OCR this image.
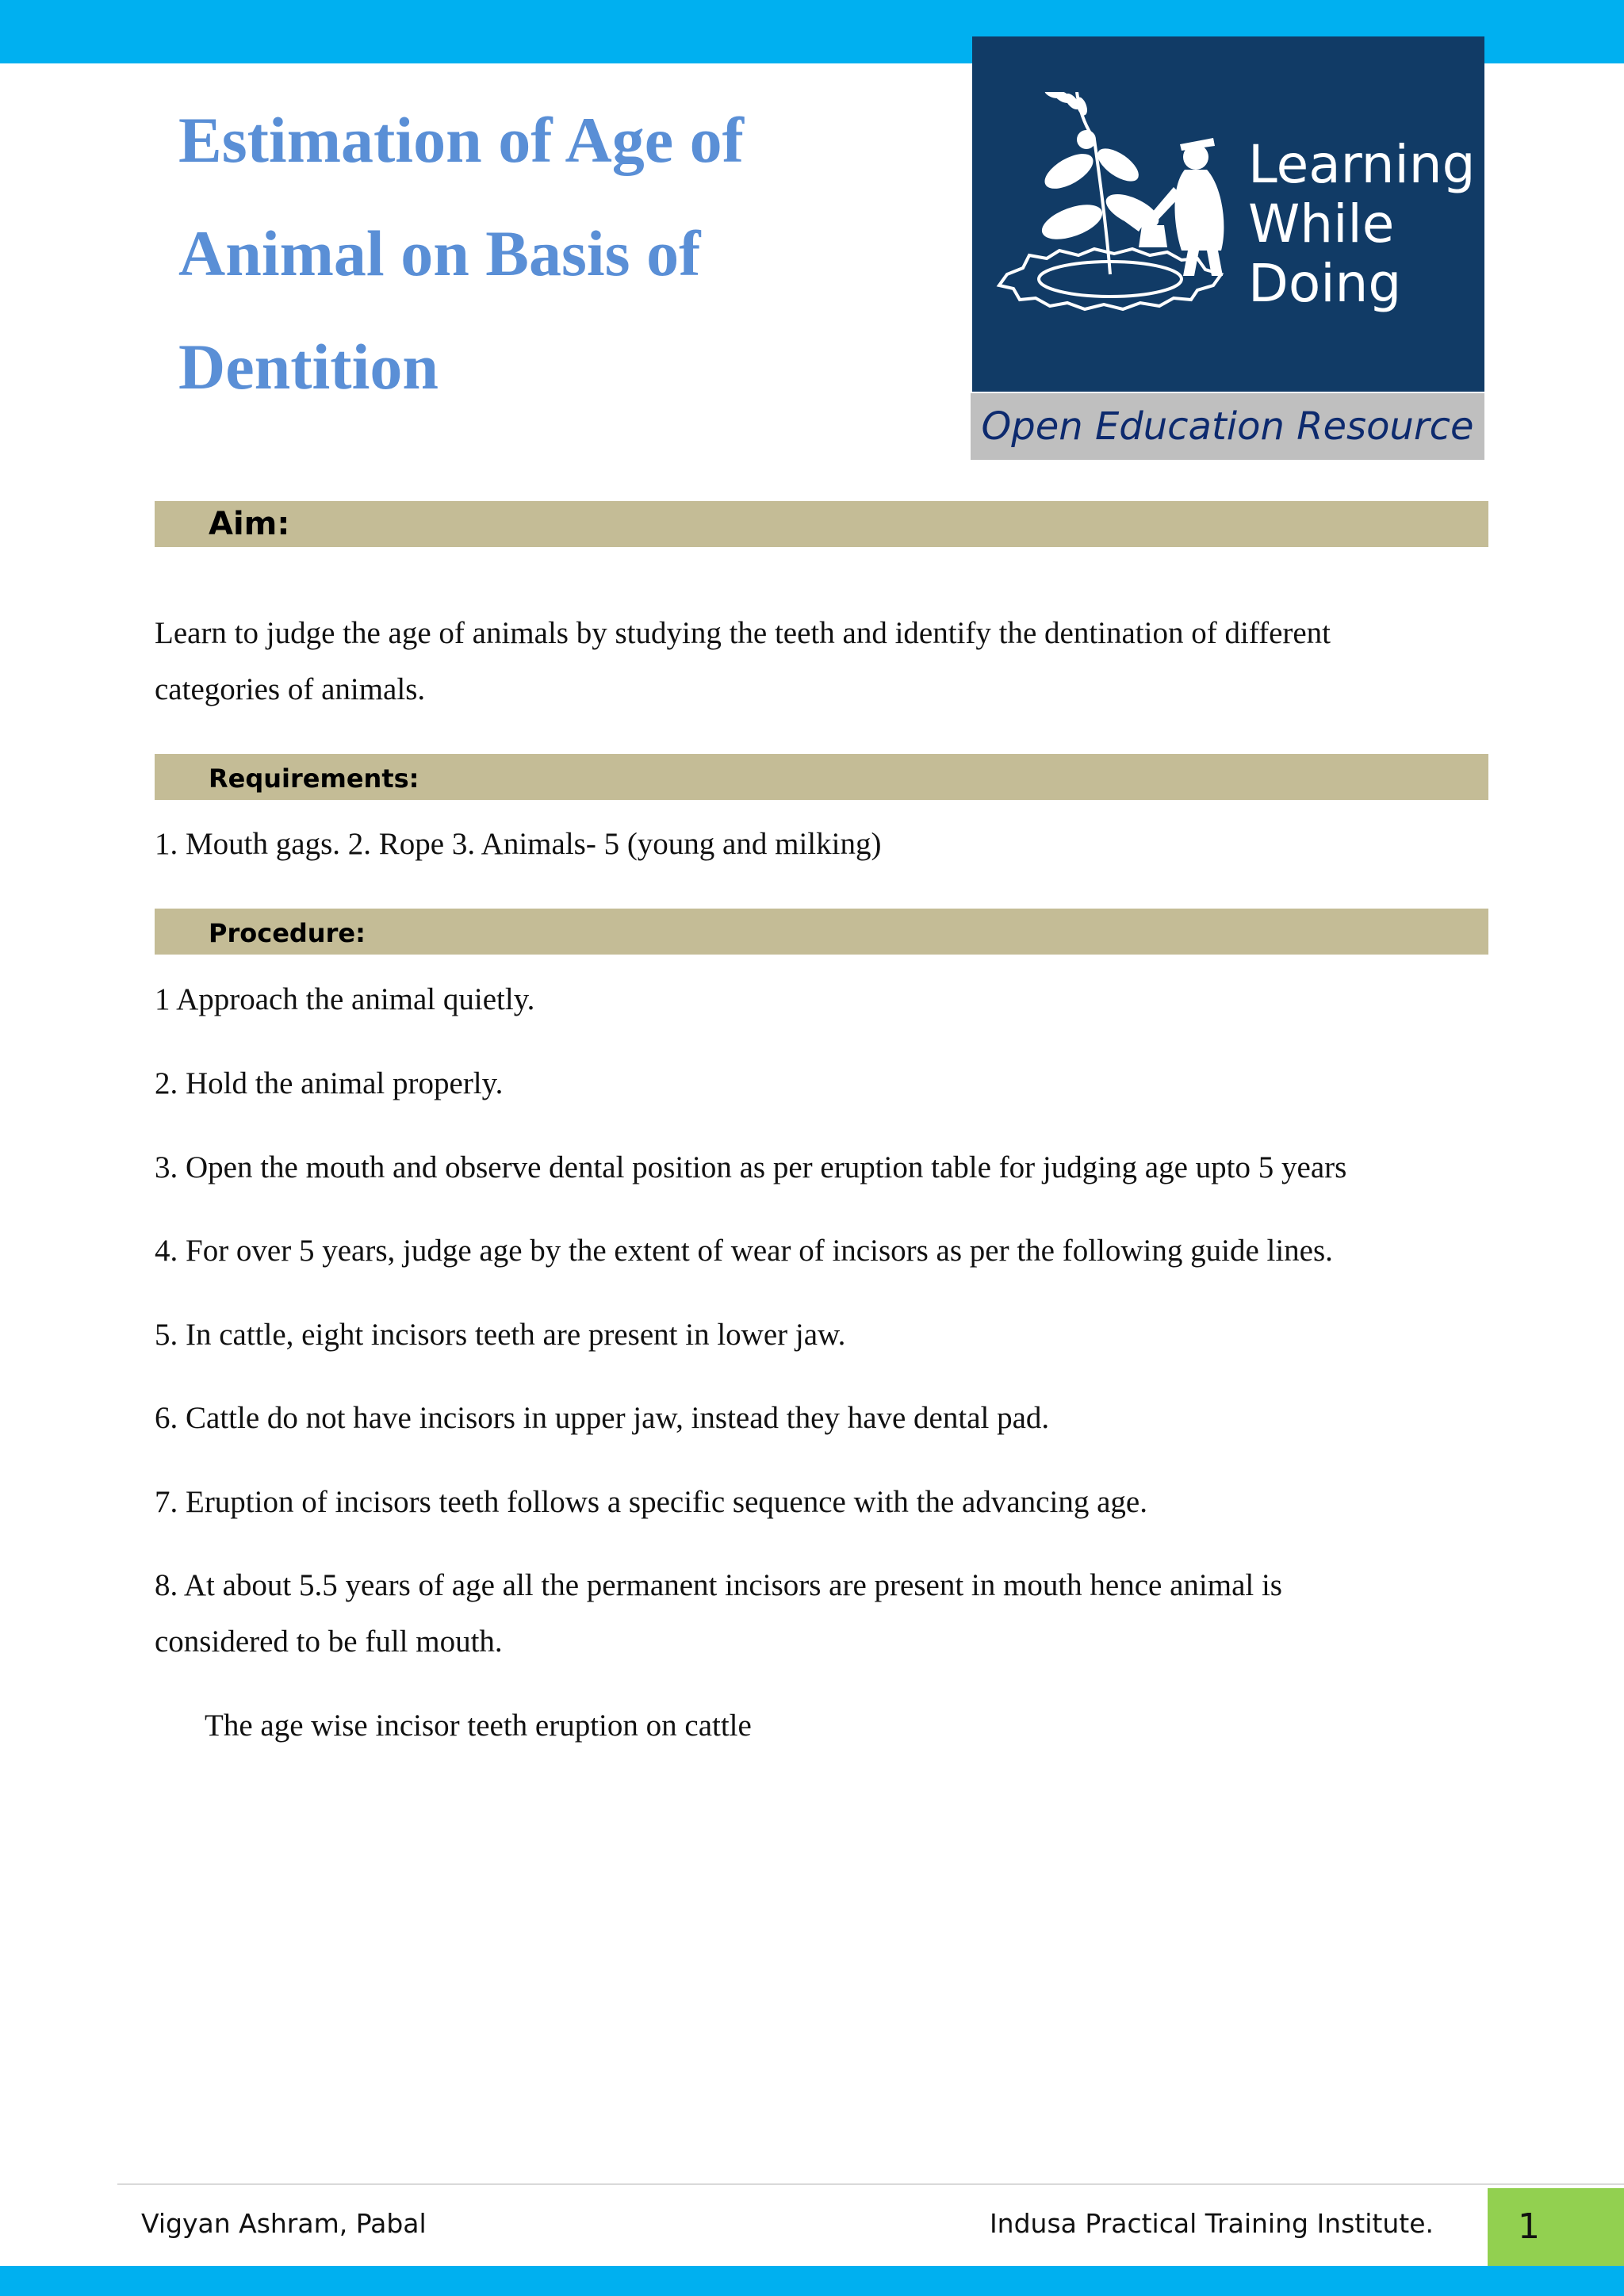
Estimation of Age of
Animal on Basis of
Dentition
Learning
While
Doing
Open Education Resource
Aim:
Learn to judge the age of animals by studying the teeth and identify the dentination of different
categories of animals.
Requirements:
1. Mouth gags. 2. Rope 3. Animals- 5 (young and milking)
Procedure:
1 Approach the animal quietly.
2. Hold the animal properly.
3. Open the mouth and observe dental position as per eruption table for judging age upto 5 years
4. For over 5 years, judge age by the extent of wear of incisors as per the following guide lines.
5. In cattle, eight incisors teeth are present in lower jaw.
6. Cattle do not have incisors in upper jaw, instead they have dental pad.
7. Eruption of incisors teeth follows a specific sequence with the advancing age.
8. At about 5.5 years of age all the permanent incisors are present in mouth hence animal is
considered to be full mouth.
The age wise incisor teeth eruption on cattle
Vigyan Ashram, Pabal	Indusa Practical Training Institute.	1
